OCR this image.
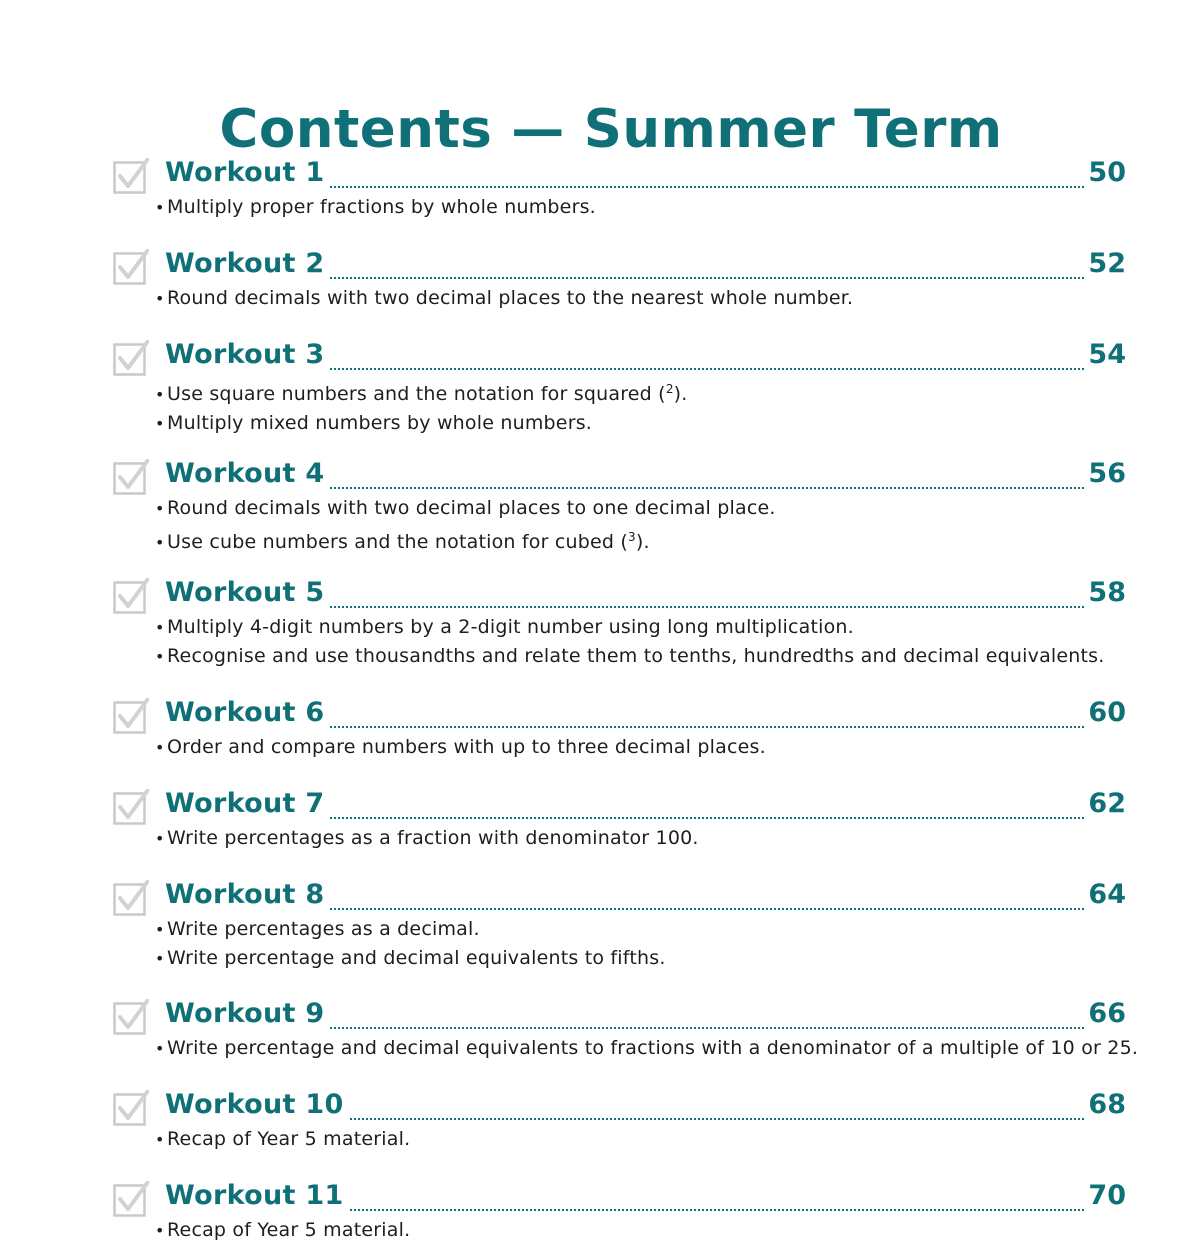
Contents — Summer Term
Workout 1	50
• Multiply proper fractions by whole numbers.
Workout 2	52
• Round decimals with two decimal places to the nearest whole number.
Workout 3	54
• Use square numbers and the notation for squared ($^2$).
• Multiply mixed numbers by whole numbers.
Workout 4	56
• Round decimals with two decimal places to one decimal place.
• Use cube numbers and the notation for cubed ($^3$).
Workout 5	58
• Multiply 4-digit numbers by a 2-digit number using long multiplication.
• Recognise and use thousandths and relate them to tenths, hundredths and decimal equivalents.
Workout 6	60
• Order and compare numbers with up to three decimal places.
Workout 7	62
• Write percentages as a fraction with denominator 100.
Workout 8	64
• Write percentages as a decimal.
• Write percentage and decimal equivalents to fifths.
Workout 9	66
• Write percentage and decimal equivalents to fractions with a denominator of a multiple of 10 or 25.
Workout 10	68
• Recap of Year 5 material.
Workout 11	70
• Recap of Year 5 material.
